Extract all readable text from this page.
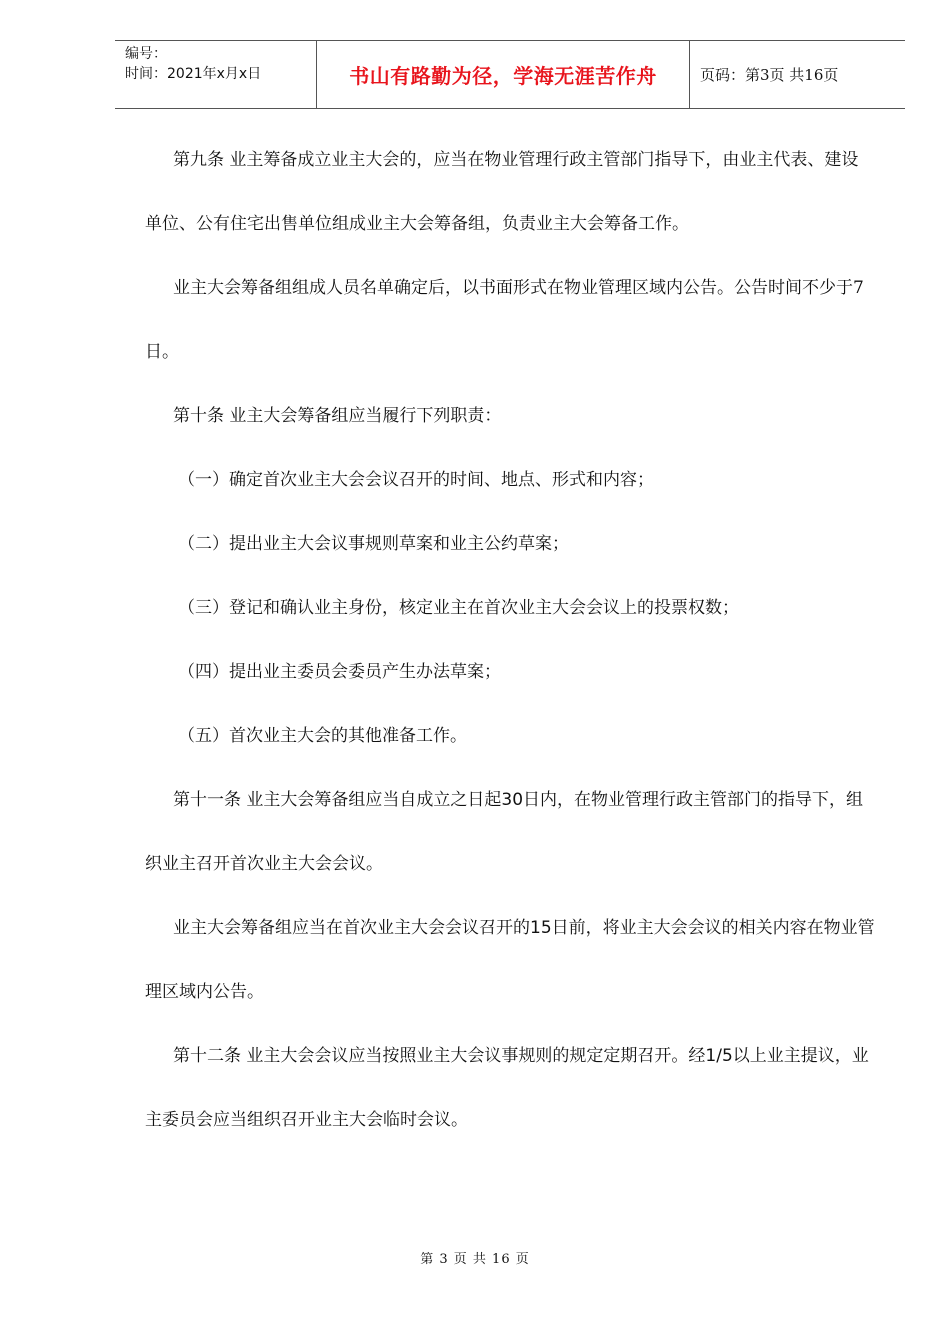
编号：
时间：2021年x月x日	书山有路勤为径，学海无涯苦作舟	页码：第3页 共16页

第九条 业主筹备成立业主大会的，应当在物业管理行政主管部门指导下，由业主代表、建设单位、公有住宅出售单位组成业主大会筹备组，负责业主大会筹备工作。

业主大会筹备组组成人员名单确定后，以书面形式在物业管理区域内公告。公告时间不少于7日。

第十条 业主大会筹备组应当履行下列职责：

（一）确定首次业主大会会议召开的时间、地点、形式和内容；

（二）提出业主大会议事规则草案和业主公约草案；

（三）登记和确认业主身份，核定业主在首次业主大会会议上的投票权数；

（四）提出业主委员会委员产生办法草案；

（五）首次业主大会的其他准备工作。

第十一条 业主大会筹备组应当自成立之日起30日内，在物业管理行政主管部门的指导下，组织业主召开首次业主大会会议。

业主大会筹备组应当在首次业主大会会议召开的15日前，将业主大会会议的相关内容在物业管理区域内公告。

第十二条 业主大会会议应当按照业主大会议事规则的规定定期召开。经1/5以上业主提议，业主委员会应当组织召开业主大会临时会议。

第 3 页 共 16 页
